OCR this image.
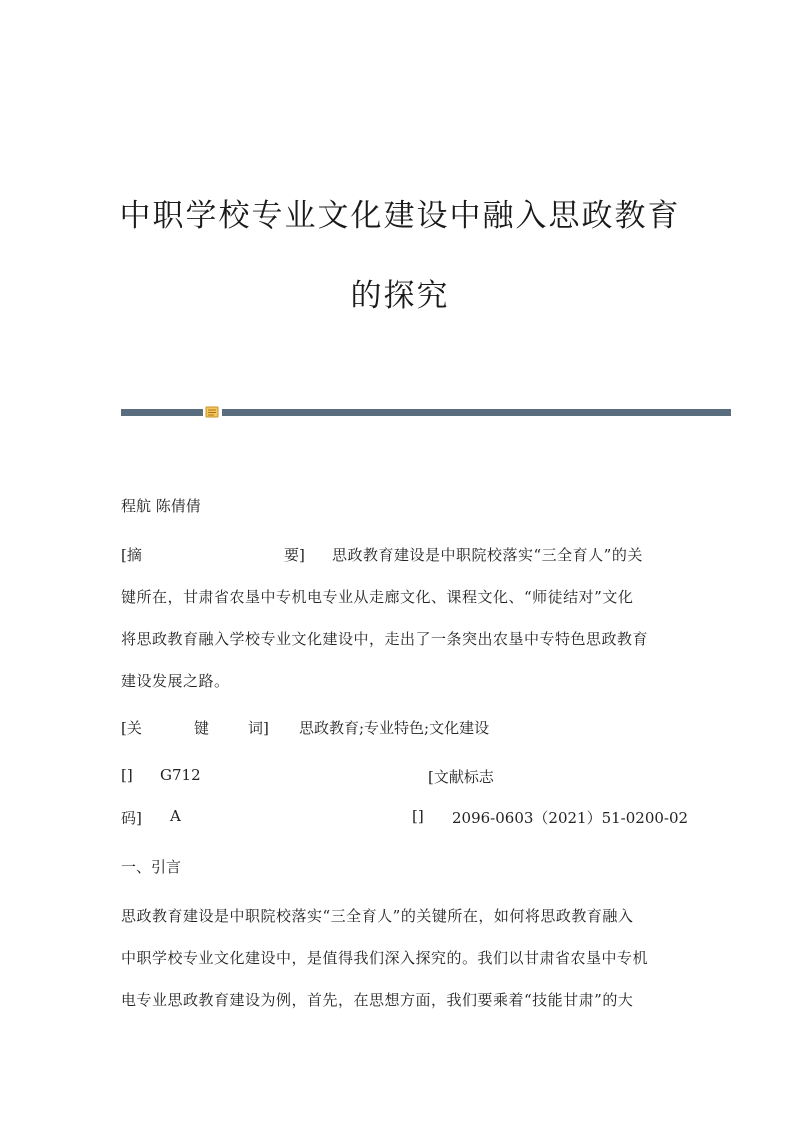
中职学校专业文化建设中融入思政教育
的探究
程航 陈倩倩
[摘	要] 思政教育建设是中职院校落实“三全育人”的关
键所在，甘肃省农垦中专机电专业从走廊文化、课程文化、“师徒结对”文化
将思政教育融入学校专业文化建设中，走出了一条突出农垦中专特色思政教育
建设发展之路。
[关	键	词] 思政教育;专业特色;文化建设
[] G712	[文献标志
码] A	[] 2096-0603（2021）51-0200-02
一、引言
思政教育建设是中职院校落实“三全育人”的关键所在，如何将思政教育融入
中职学校专业文化建设中，是值得我们深入探究的。我们以甘肃省农垦中专机
电专业思政教育建设为例，首先，在思想方面，我们要乘着“技能甘肃”的大
